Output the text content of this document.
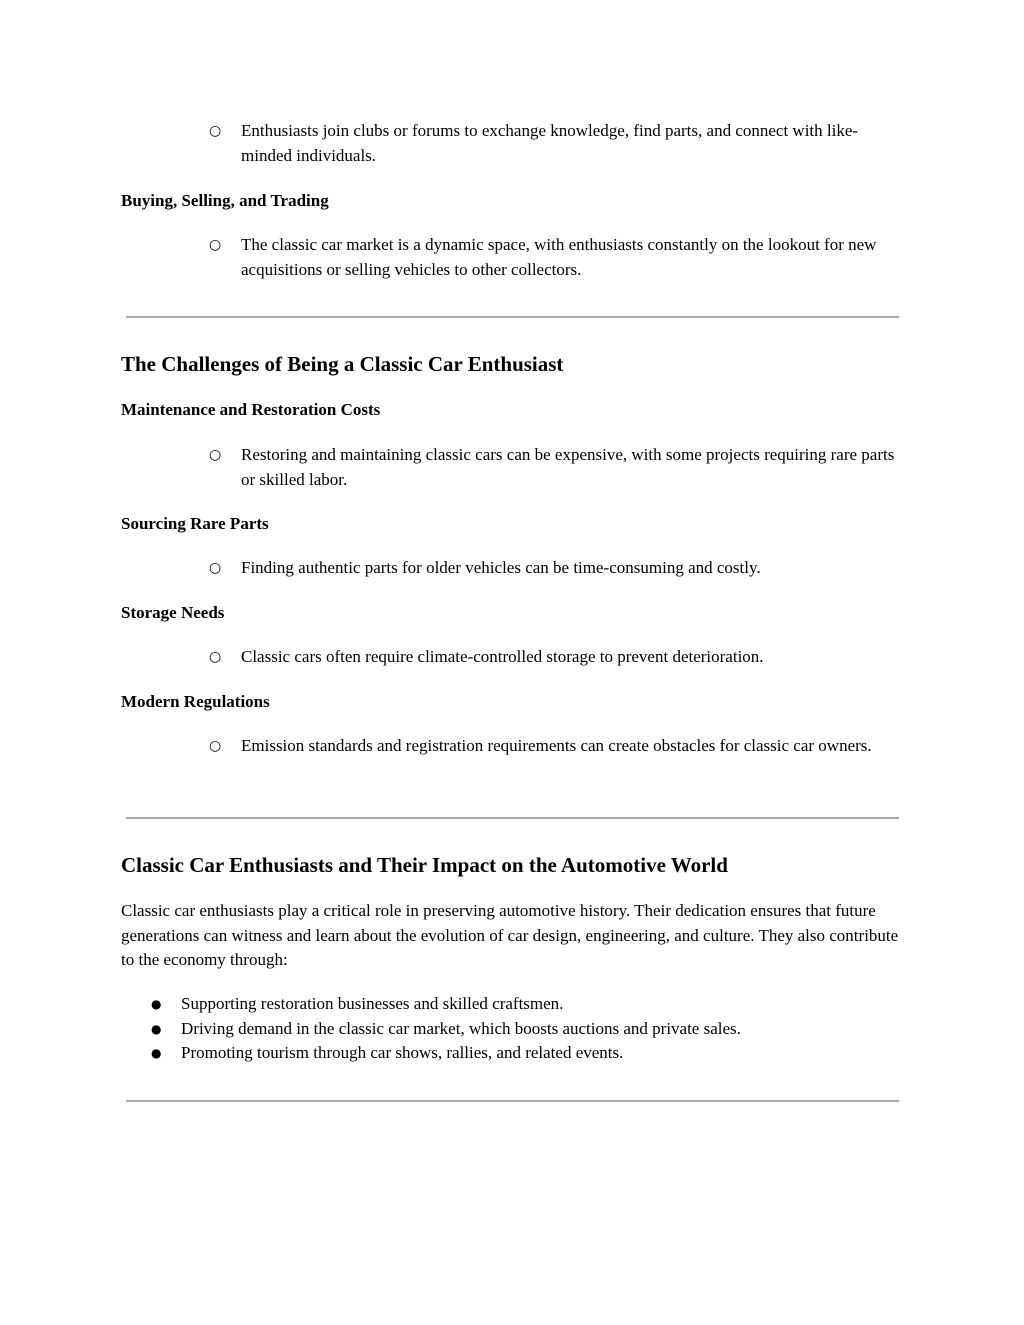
○	Enthusiasts join clubs or forums to exchange knowledge, find parts, and connect with like-minded individuals.
Buying, Selling, and Trading
○	The classic car market is a dynamic space, with enthusiasts constantly on the lookout for new acquisitions or selling vehicles to other collectors.
The Challenges of Being a Classic Car Enthusiast
Maintenance and Restoration Costs
○	Restoring and maintaining classic cars can be expensive, with some projects requiring rare parts or skilled labor.
Sourcing Rare Parts
○	Finding authentic parts for older vehicles can be time-consuming and costly.
Storage Needs
○	Classic cars often require climate-controlled storage to prevent deterioration.
Modern Regulations
○	Emission standards and registration requirements can create obstacles for classic car owners.
Classic Car Enthusiasts and Their Impact on the Automotive World
Classic car enthusiasts play a critical role in preserving automotive history. Their dedication ensures that future generations can witness and learn about the evolution of car design, engineering, and culture. They also contribute to the economy through:
●	Supporting restoration businesses and skilled craftsmen.
●	Driving demand in the classic car market, which boosts auctions and private sales.
●	Promoting tourism through car shows, rallies, and related events.
